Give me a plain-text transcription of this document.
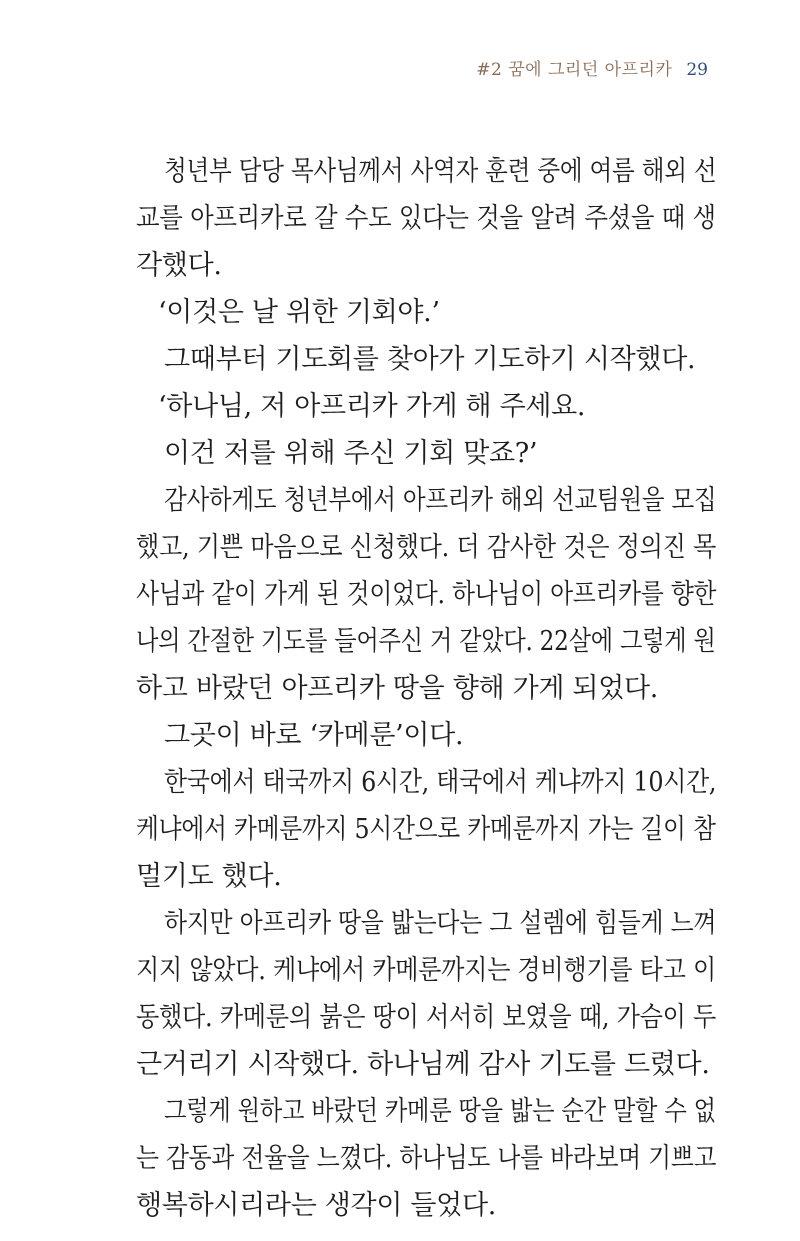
#2 꿈에 그리던 아프리카 29
청년부 담당 목사님께서 사역자 훈련 중에 여름 해외 선
교를 아프리카로 갈 수도 있다는 것을 알려 주셨을 때 생
각했다.
‘이것은 날 위한 기회야.’
그때부터 기도회를 찾아가 기도하기 시작했다.
‘하나님, 저 아프리카 가게 해 주세요.
이건 저를 위해 주신 기회 맞죠?’
감사하게도 청년부에서 아프리카 해외 선교팀원을 모집
했고, 기쁜 마음으로 신청했다. 더 감사한 것은 정의진 목
사님과 같이 가게 된 것이었다. 하나님이 아프리카를 향한
나의 간절한 기도를 들어주신 거 같았다. 22살에 그렇게 원
하고 바랐던 아프리카 땅을 향해 가게 되었다.
그곳이 바로 ‘카메룬’이다.
한국에서 태국까지 6시간, 태국에서 케냐까지 10시간,
케냐에서 카메룬까지 5시간으로 카메룬까지 가는 길이 참
멀기도 했다.
하지만 아프리카 땅을 밟는다는 그 설렘에 힘들게 느껴
지지 않았다. 케냐에서 카메룬까지는 경비행기를 타고 이
동했다. 카메룬의 붉은 땅이 서서히 보였을 때, 가슴이 두
근거리기 시작했다. 하나님께 감사 기도를 드렸다.
그렇게 원하고 바랐던 카메룬 땅을 밟는 순간 말할 수 없
는 감동과 전율을 느꼈다. 하나님도 나를 바라보며 기쁘고
행복하시리라는 생각이 들었다.
